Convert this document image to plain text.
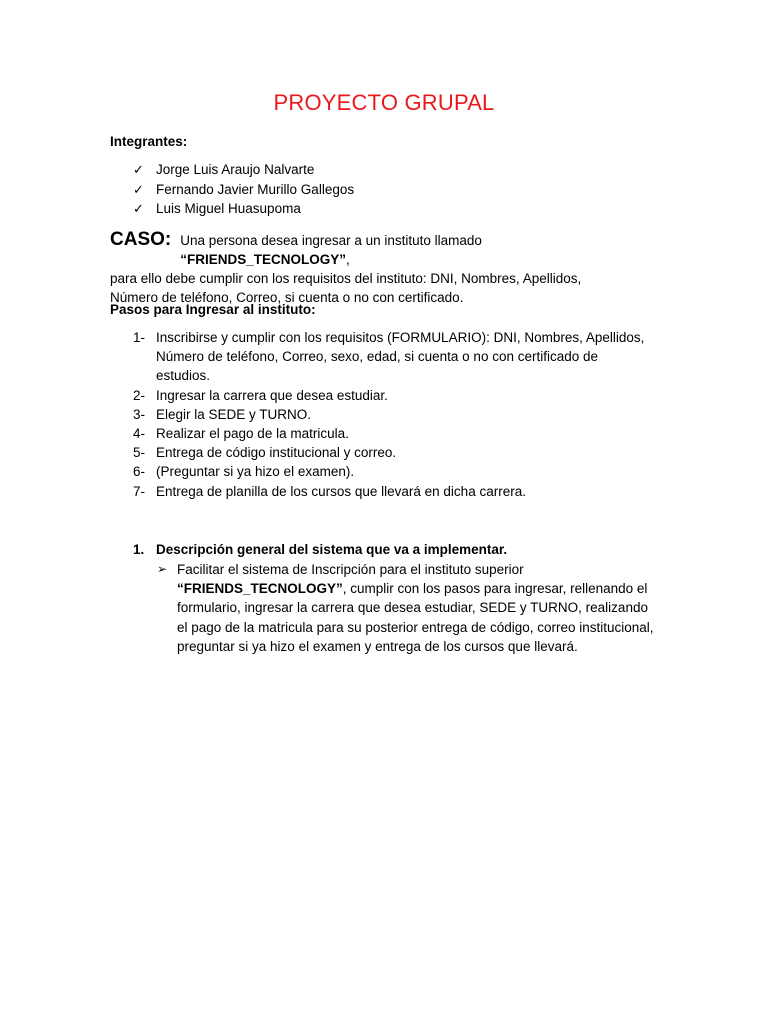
PROYECTO GRUPAL
Integrantes:
✓ Jorge Luis Araujo Nalvarte
✓ Fernando Javier Murillo Gallegos
✓ Luis Miguel Huasupoma
CASO: Una persona desea ingresar a un instituto llamado “FRIENDS_TECNOLOGY”,
para ello debe cumplir con los requisitos del instituto: DNI, Nombres, Apellidos,
Número de teléfono, Correo, si cuenta o no con certificado.
Pasos para Ingresar al instituto:
1- Inscribirse y cumplir con los requisitos (FORMULARIO): DNI, Nombres, Apellidos, Número de teléfono, Correo, sexo, edad, si cuenta o no con certificado de estudios.
2- Ingresar la carrera que desea estudiar.
3- Elegir la SEDE y TURNO.
4- Realizar el pago de la matricula.
5- Entrega de código institucional y correo.
6- (Preguntar si ya hizo el examen).
7- Entrega de planilla de los cursos que llevará en dicha carrera.
1. Descripción general del sistema que va a implementar.
➢ Facilitar el sistema de Inscripción para el instituto superior “FRIENDS_TECNOLOGY”, cumplir con los pasos para ingresar, rellenando el formulario, ingresar la carrera que desea estudiar, SEDE y TURNO, realizando el pago de la matricula para su posterior entrega de código, correo institucional, preguntar si ya hizo el examen y entrega de los cursos que llevará.
